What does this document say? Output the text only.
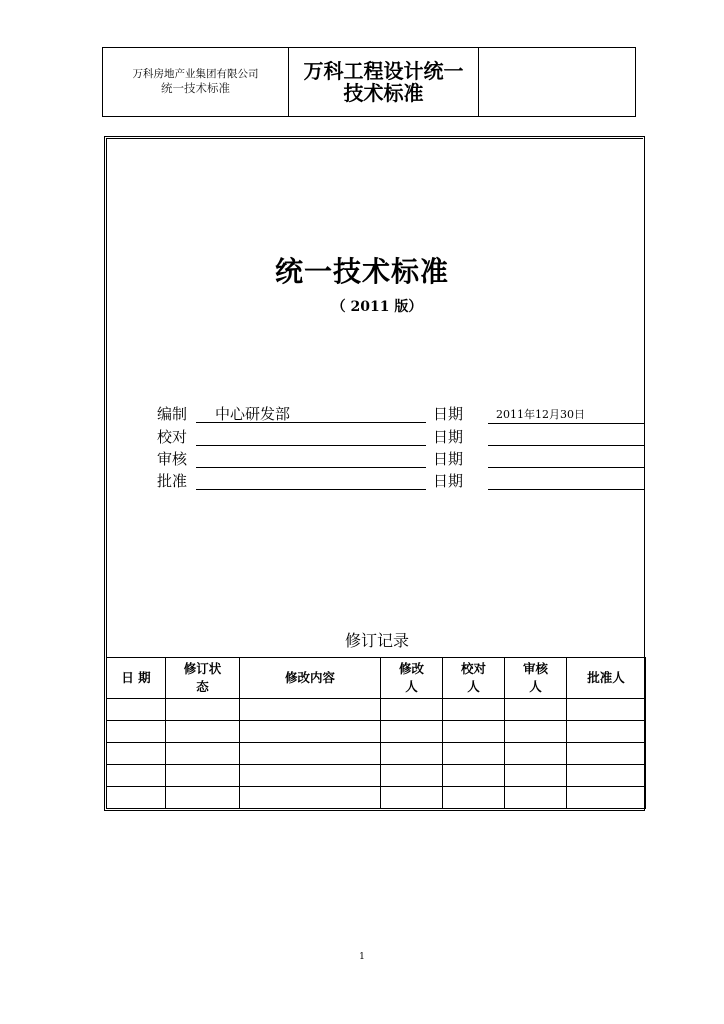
万科房地产业集团有限公司
统一技术标准
万科工程设计统一
技术标准
统一技术标准
（ 2011 版）
编制 中心研发部	日期	2011年12月30日
校对	日期
审核	日期
批准	日期
修订记录
日 期	修订状态	修改内容	修改人	校对人	审核人	批准人

1
